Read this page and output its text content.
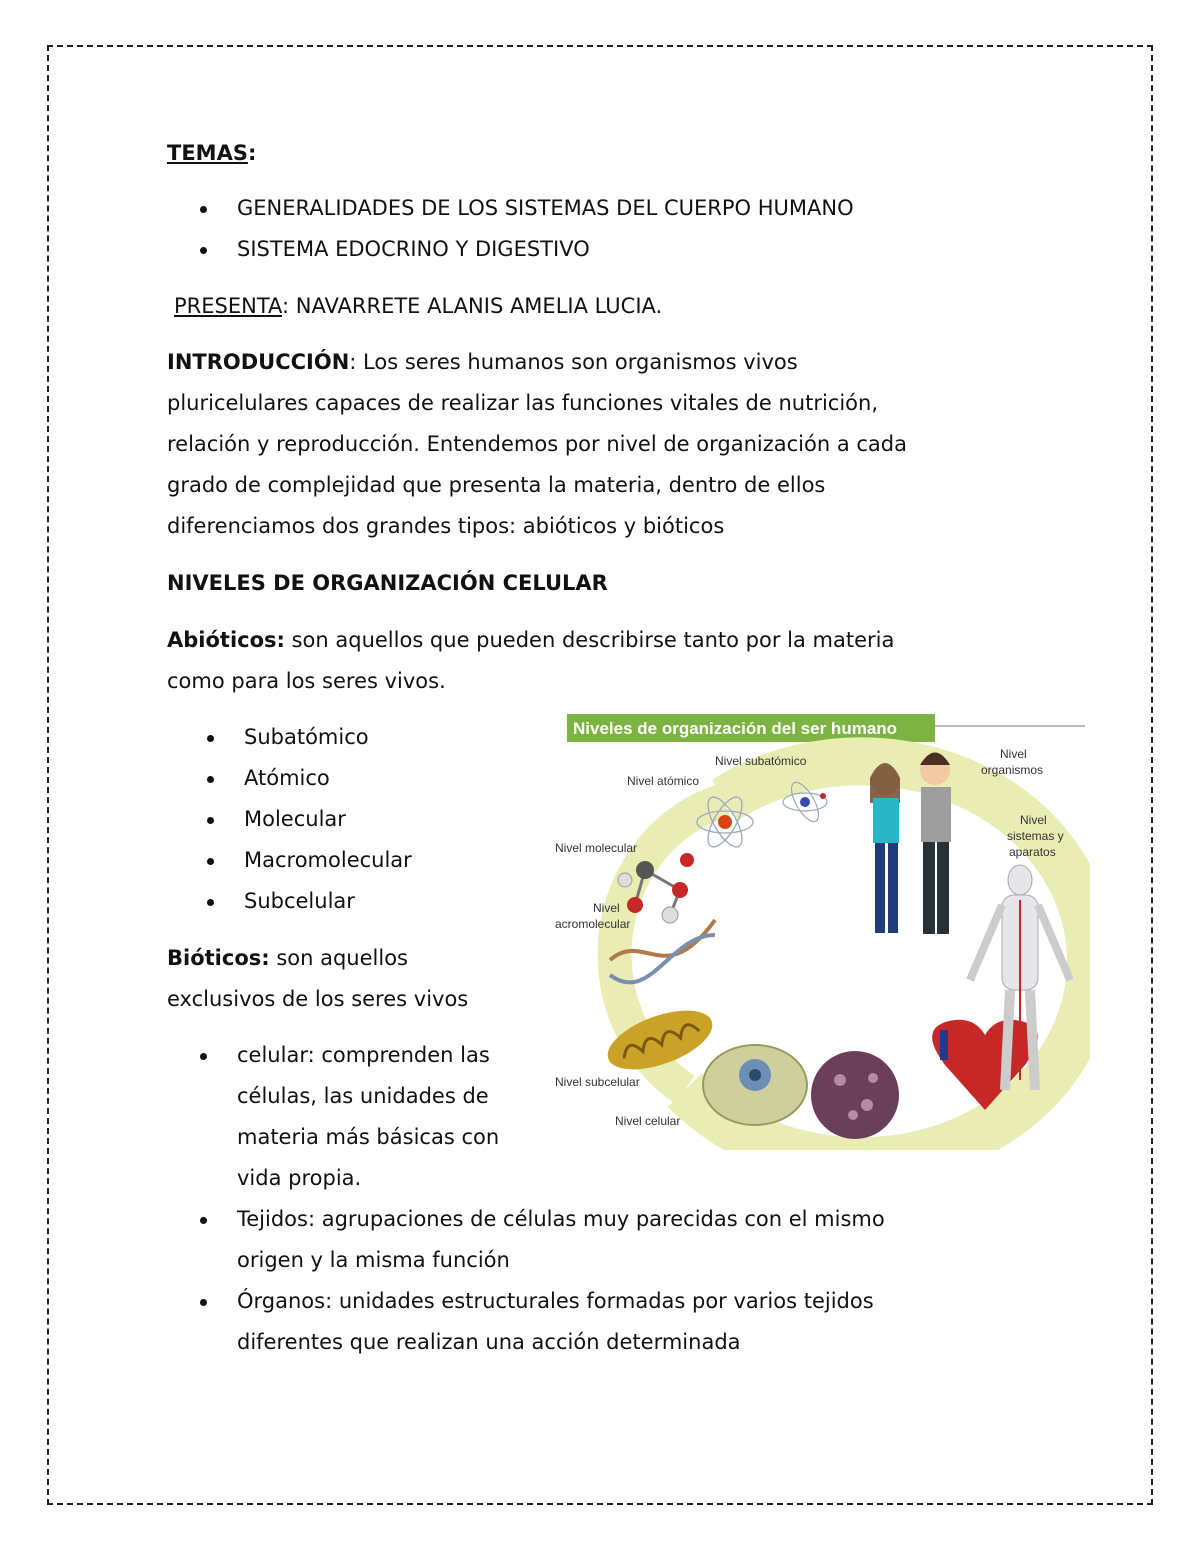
TEMAS:
GENERALIDADES DE LOS SISTEMAS DEL CUERPO HUMANO
SISTEMA EDOCRINO Y DIGESTIVO
PRESENTA: NAVARRETE ALANIS AMELIA LUCIA.
INTRODUCCIÓN: Los seres humanos son organismos vivos
pluricelulares capaces de realizar las funciones vitales de nutrición,
relación y reproducción. Entendemos por nivel de organización a cada
grado de complejidad que presenta la materia, dentro de ellos
diferenciamos dos grandes tipos: abióticos y bióticos
NIVELES DE ORGANIZACIÓN CELULAR
Abióticos: son aquellos que pueden describirse tanto por la materia
como para los seres vivos.
Subatómico
Atómico
Molecular
Macromolecular
Subcelular
Bióticos: son aquellos
exclusivos de los seres vivos
celular: comprenden las
células, las unidades de
materia más básicas con
vida propia.
Tejidos: agrupaciones de células muy parecidas con el mismo
origen y la misma función
Órganos: unidades estructurales formadas por varios tejidos
diferentes que realizan una acción determinada
Niveles de organización del ser humano
Nivel subatómico
Nivel atómico
Nivel molecular
Nivel
acromolecular
Nivel subcelular
Nivel celular
Nivel
organismos
Nivel
sistemas y
aparatos
